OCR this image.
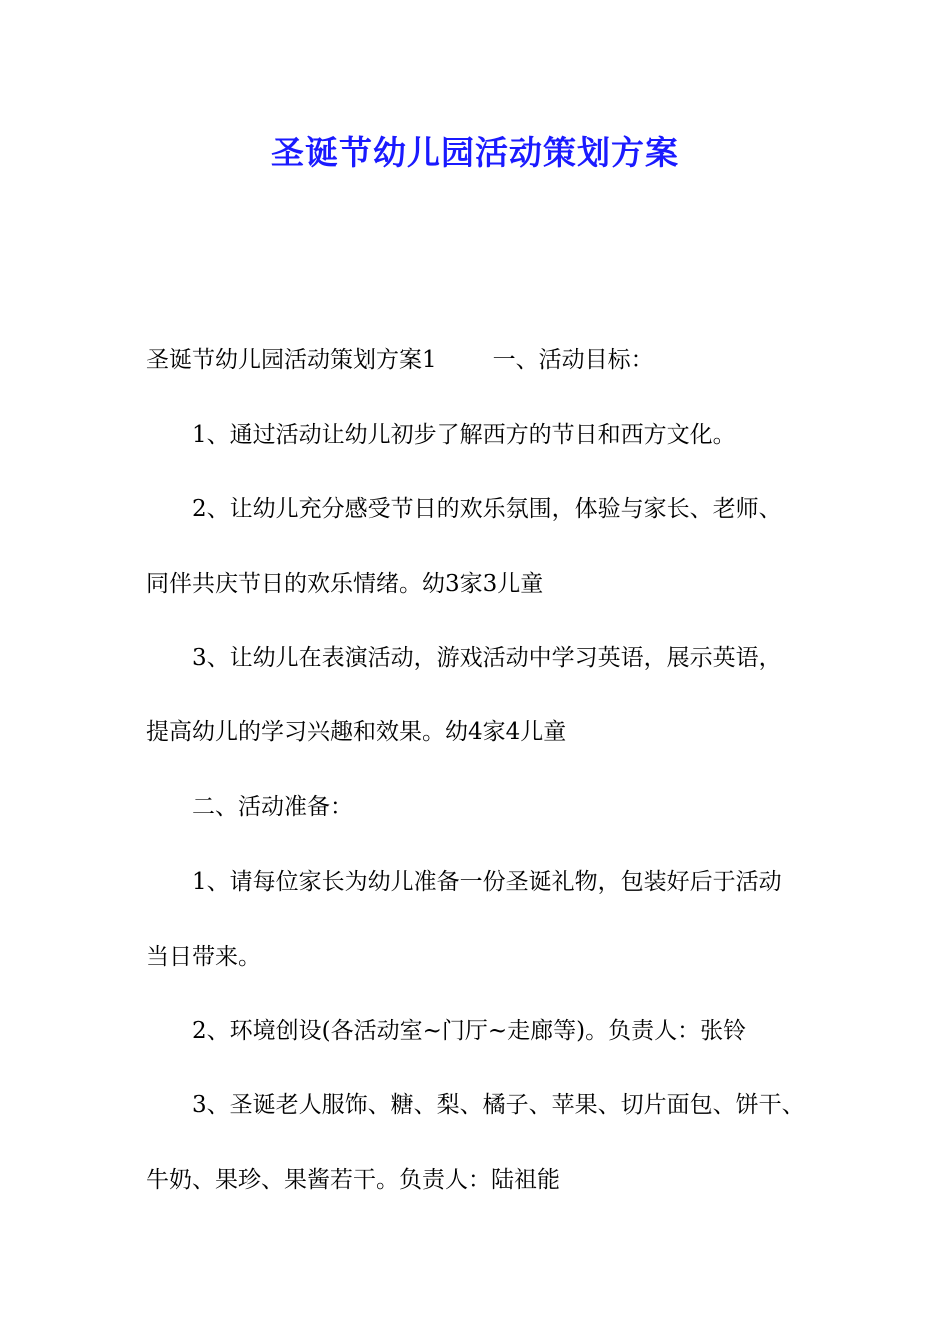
圣诞节幼儿园活动策划方案

圣诞节幼儿园活动策划方案1 一、活动目标：

1、通过活动让幼儿初步了解西方的节日和西方文化。

2、让幼儿充分感受节日的欢乐氛围，体验与家长、老师、

同伴共庆节日的欢乐情绪。幼3家3儿童

3、让幼儿在表演活动，游戏活动中学习英语，展示英语，

提高幼儿的学习兴趣和效果。幼4家4儿童

二、活动准备：

1、请每位家长为幼儿准备一份圣诞礼物，包装好后于活动

当日带来。

2、环境创设(各活动室~门厅~走廊等)。负责人：张铃

3、圣诞老人服饰、糖、梨、橘子、苹果、切片面包、饼干、

牛奶、果珍、果酱若干。负责人：陆祖能
